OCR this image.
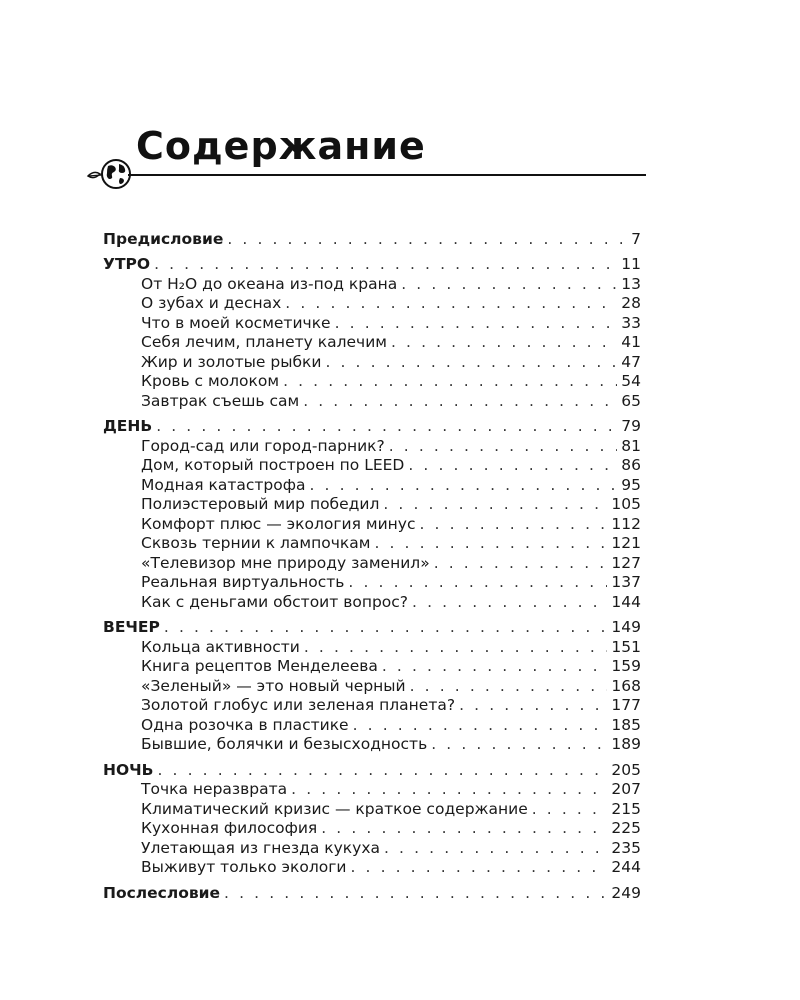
Содержание
Предисловие . . .	7
УТРО . . .	11
От H₂O до океана из-под крана . . .	13
О зубах и деснах . . .	28
Что в моей косметичке . . .	33
Себя лечим, планету калечим . . .	41
Жир и золотые рыбки . . .	47
Кровь с молоком . . .	54
Завтрак съешь сам . . .	65
ДЕНЬ . . .	79
Город-сад или город-парник? . . .	81
Дом, который построен по LEED . . .	86
Модная катастрофа . . .	95
Полиэстеровый мир победил . . .	105
Комфорт плюс — экология минус . . .	112
Сквозь тернии к лампочкам . . .	121
«Телевизор мне природу заменил» . . .	127
Реальная виртуальность . . .	137
Как с деньгами обстоит вопрос? . . .	144
ВЕЧЕР . . .	149
Кольца активности . . .	151
Книга рецептов Менделеева . . .	159
«Зеленый» — это новый черный . . .	168
Золотой глобус или зеленая планета? . . .	177
Одна розочка в пластике . . .	185
Бывшие, болячки и безысходность . . .	189
НОЧЬ . . .	205
Точка неразврата . . .	207
Климатический кризис — краткое содержание . . .	215
Кухонная философия . . .	225
Улетающая из гнезда кукуха . . .	235
Выживут только экологи . . .	244
Послесловие . . .	249
